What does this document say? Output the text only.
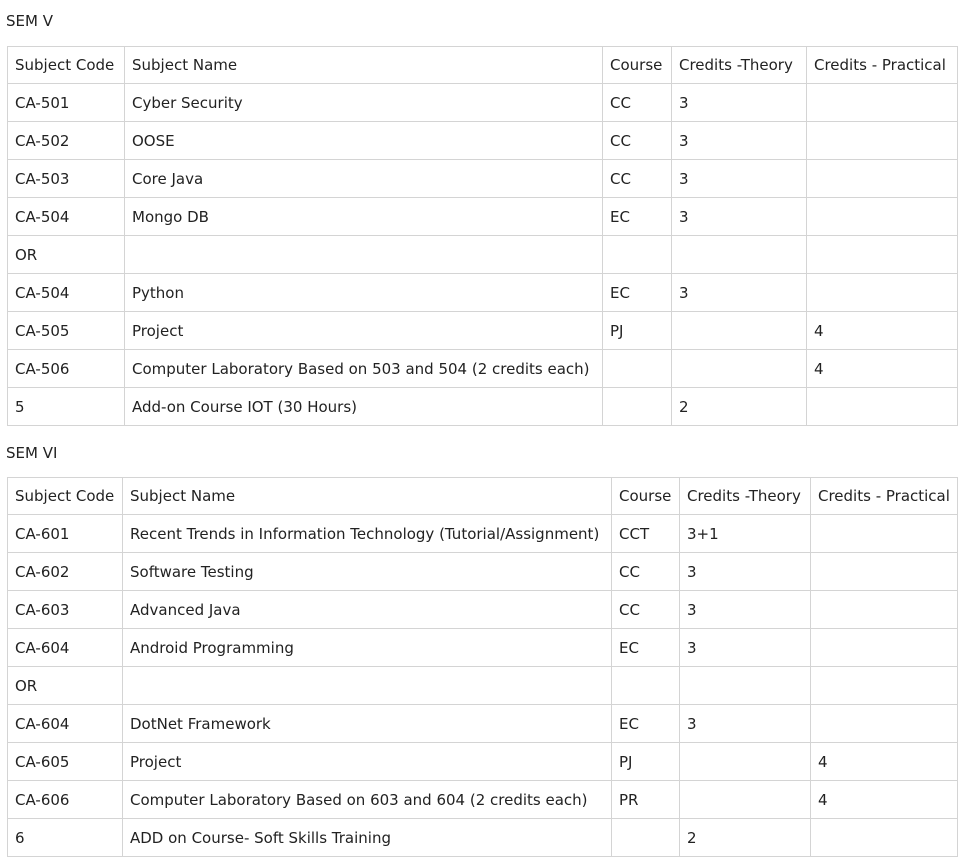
SEM V
Subject Code	Subject Name	Course	Credits -Theory	Credits - Practical
CA-501	Cyber Security	CC	3	
CA-502	OOSE	CC	3	
CA-503	Core Java	CC	3	
CA-504	Mongo DB	EC	3	
OR				
CA-504	Python	EC	3	
CA-505	Project	PJ		4
CA-506	Computer Laboratory Based on 503 and 504 (2 credits each)			4
5	Add-on Course IOT (30 Hours)		2	
SEM VI
Subject Code	Subject Name	Course	Credits -Theory	Credits - Practical
CA-601	Recent Trends in Information Technology (Tutorial/Assignment)	CCT	3+1	
CA-602	Software Testing	CC	3	
CA-603	Advanced Java	CC	3	
CA-604	Android Programming	EC	3	
OR				
CA-604	DotNet Framework	EC	3	
CA-605	Project	PJ		4
CA-606	Computer Laboratory Based on 603 and 604 (2 credits each)	PR		4
6	ADD on Course- Soft Skills Training		2	
